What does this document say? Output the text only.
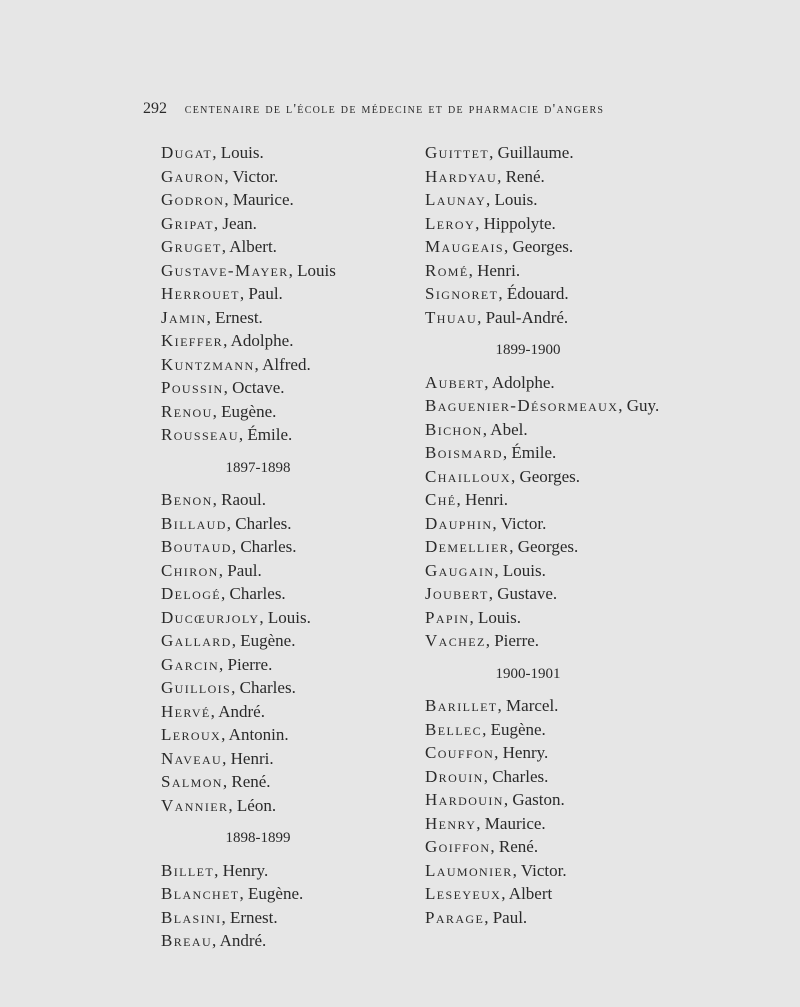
292 centenaire de l'école de médecine et de pharmacie d'angers
Dugat, Louis.
Gauron, Victor.
Godron, Maurice.
Gripat, Jean.
Gruget, Albert.
Gustave-Mayer, Louis
Herrouet, Paul.
Jamin, Ernest.
Kieffer, Adolphe.
Kuntzmann, Alfred.
Poussin, Octave.
Renou, Eugène.
Rousseau, Émile.
1897-1898
Benon, Raoul.
Billaud, Charles.
Boutaud, Charles.
Chiron, Paul.
Delogé, Charles.
Ducœurjoly, Louis.
Gallard, Eugène.
Garcin, Pierre.
Guillois, Charles.
Hervé, André.
Leroux, Antonin.
Naveau, Henri.
Salmon, René.
Vannier, Léon.
1898-1899
Billet, Henry.
Blanchet, Eugène.
Blasini, Ernest.
Breau, André.
Guittet, Guillaume.
Hardyau, René.
Launay, Louis.
Leroy, Hippolyte.
Maugeais, Georges.
Romé, Henri.
Signoret, Édouard.
Thuau, Paul-André.
1899-1900
Aubert, Adolphe.
Baguenier-Désormeaux, Guy.
Bichon, Abel.
Boismard, Émile.
Chailloux, Georges.
Ché, Henri.
Dauphin, Victor.
Demellier, Georges.
Gaugain, Louis.
Joubert, Gustave.
Papin, Louis.
Vachez, Pierre.
1900-1901
Barillet, Marcel.
Bellec, Eugène.
Couffon, Henry.
Drouin, Charles.
Hardouin, Gaston.
Henry, Maurice.
Goiffon, René.
Laumonier, Victor.
Leseyeux, Albert
Parage, Paul.
